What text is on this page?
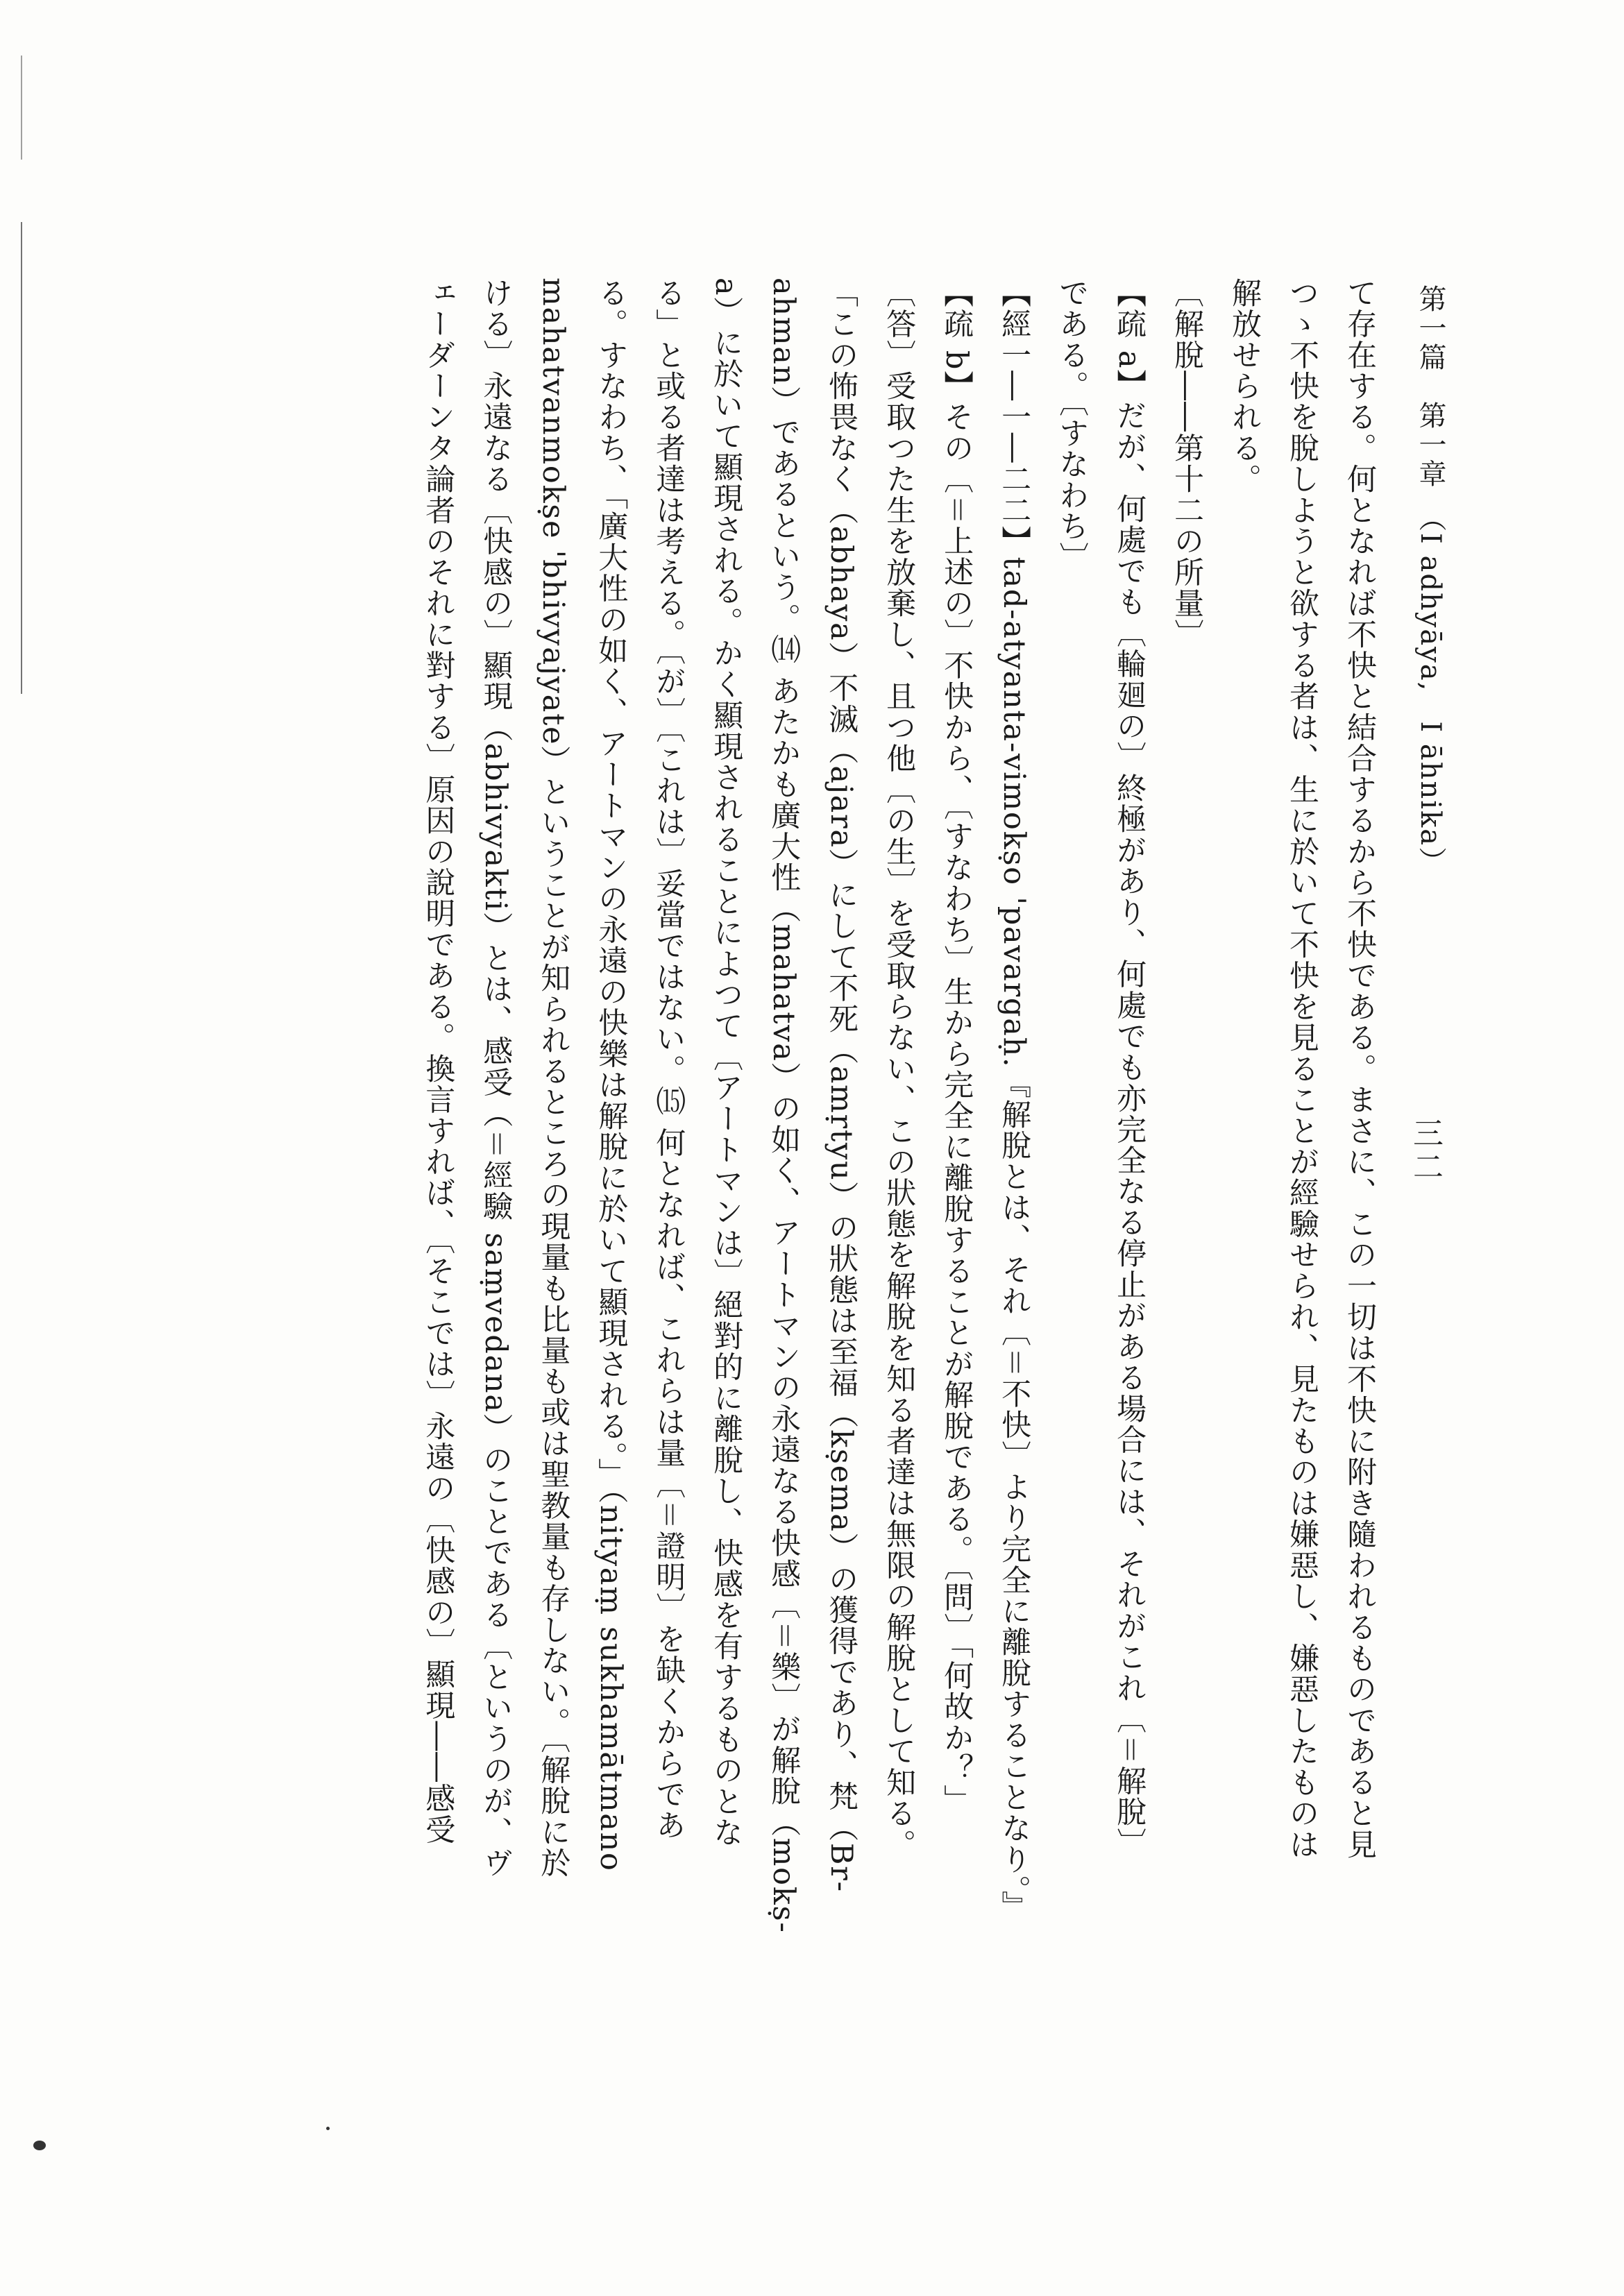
第一篇　第一章　（I adhyāya,　I āhnika）
三二

て存在する。何となれば不快と結合するから不快である。まさに、この一切は不快に附き隨われるものであると見

つゝ不快を脫しようと欲する者は、生に於いて不快を見ることが經驗せられ、見たものは嫌惡し、嫌惡したものは

解放せられる。

〔解脫――第十二の所量〕

【疏 a】だが、何處でも〔輪廻の〕終極があり、何處でも亦完全なる停止がある場合には、それがこれ〔＝解脫〕

である。〔すなわち〕

【經一―一―二二】tad-atyanta-vimokṣo 'pavargaḥ.『解脫とは、それ〔＝不快〕より完全に離脫することなり。』

【疏 b】その〔＝上述の〕不快から、〔すなわち〕生から完全に離脫することが解脫である。〔問〕「何故か？」

〔答〕受取つた生を放棄し、且つ他〔の生〕を受取らない、この狀態を解脫を知る者達は無限の解脫として知る。

「この怖畏なく（abhaya）不滅（ajara）にして不死（amṛtyu）の狀態は至福（kṣema）の獲得であり、梵（Br-

ahman）であるという。⒁ あたかも廣大性（mahatva）の如く、アートマンの永遠なる快感〔＝樂〕が解脫（mokṣ-

a）に於いて顯現される。かく顯現されることによつて〔アートマンは〕絕對的に離脫し、快感を有するものとな

る」と或る者達は考える。〔が〕〔これは〕妥當ではない。⒂ 何となれば、これらは量〔＝證明〕を缺くからであ

る。すなわち、「廣大性の如く、アートマンの永遠の快樂は解脫に於いて顯現される。」（nityaṃ sukhamātmano

mahatvanmokṣe 'bhivyajyate）ということが知られるところの現量も比量も或は聖教量も存しない。〔解脫に於

ける〕永遠なる〔快感の〕顯現（abhivyakti）とは、感受（＝經驗 saṃvedana）のことである〔というのが、ヴ

ェーダーンタ論者のそれに對する〕原因の說明である。換言すれば、〔そこでは〕永遠の〔快感の〕顯現――感受
